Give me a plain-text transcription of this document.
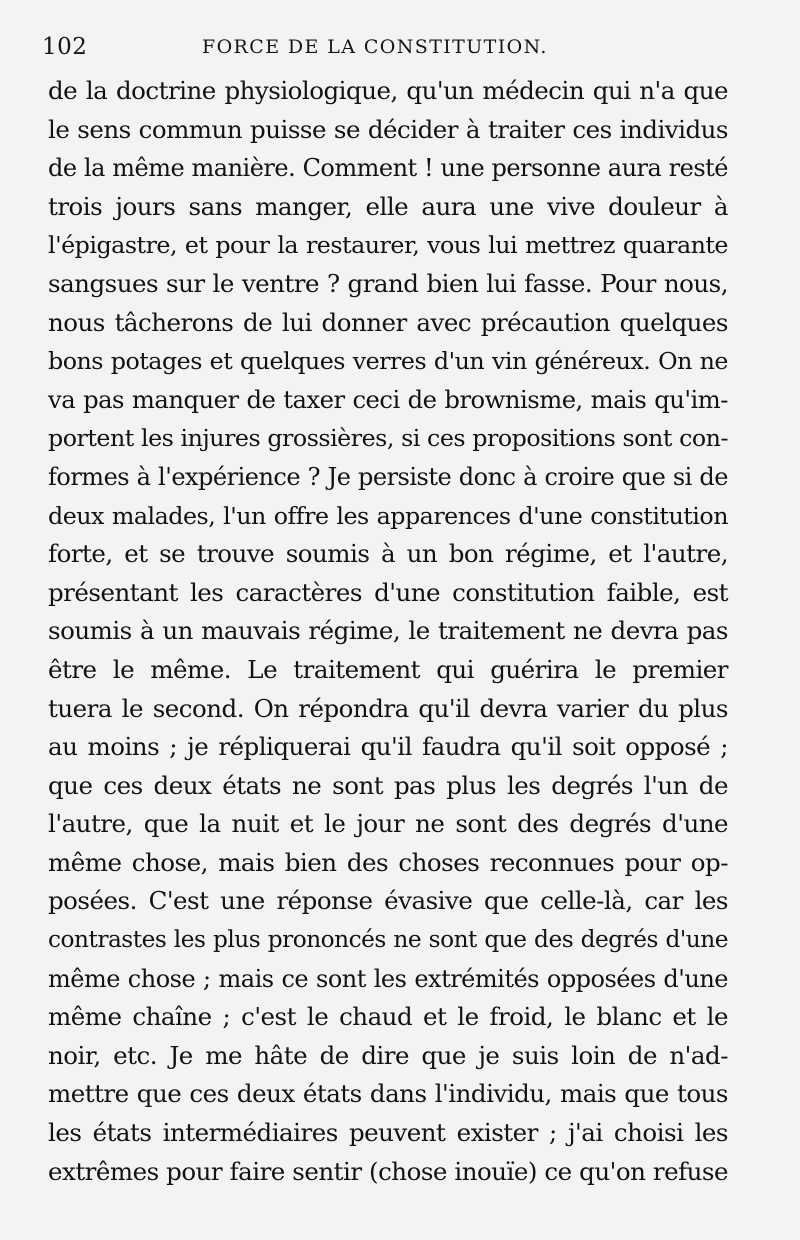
102	FORCE DE LA CONSTITUTION.
de la doctrine physiologique, qu'un médecin qui n'a que
le sens commun puisse se décider à traiter ces individus
de la même manière. Comment ! une personne aura resté
trois jours sans manger, elle aura une vive douleur à
l'épigastre, et pour la restaurer, vous lui mettrez quarante
sangsues sur le ventre ? grand bien lui fasse. Pour nous,
nous tâcherons de lui donner avec précaution quelques
bons potages et quelques verres d'un vin généreux. On ne
va pas manquer de taxer ceci de brownisme, mais qu'im-
portent les injures grossières, si ces propositions sont con-
formes à l'expérience ? Je persiste donc à croire que si de
deux malades, l'un offre les apparences d'une constitution
forte, et se trouve soumis à un bon régime, et l'autre,
présentant les caractères d'une constitution faible, est
soumis à un mauvais régime, le traitement ne devra pas
être le même. Le traitement qui guérira le premier
tuera le second. On répondra qu'il devra varier du plus
au moins ; je répliquerai qu'il faudra qu'il soit opposé ;
que ces deux états ne sont pas plus les degrés l'un de
l'autre, que la nuit et le jour ne sont des degrés d'une
même chose, mais bien des choses reconnues pour op-
posées. C'est une réponse évasive que celle-là, car les
contrastes les plus prononcés ne sont que des degrés d'une
même chose ; mais ce sont les extrémités opposées d'une
même chaîne ; c'est le chaud et le froid, le blanc et le
noir, etc. Je me hâte de dire que je suis loin de n'ad-
mettre que ces deux états dans l'individu, mais que tous
les états intermédiaires peuvent exister ; j'ai choisi les
extrêmes pour faire sentir (chose inouïe) ce qu'on refuse
